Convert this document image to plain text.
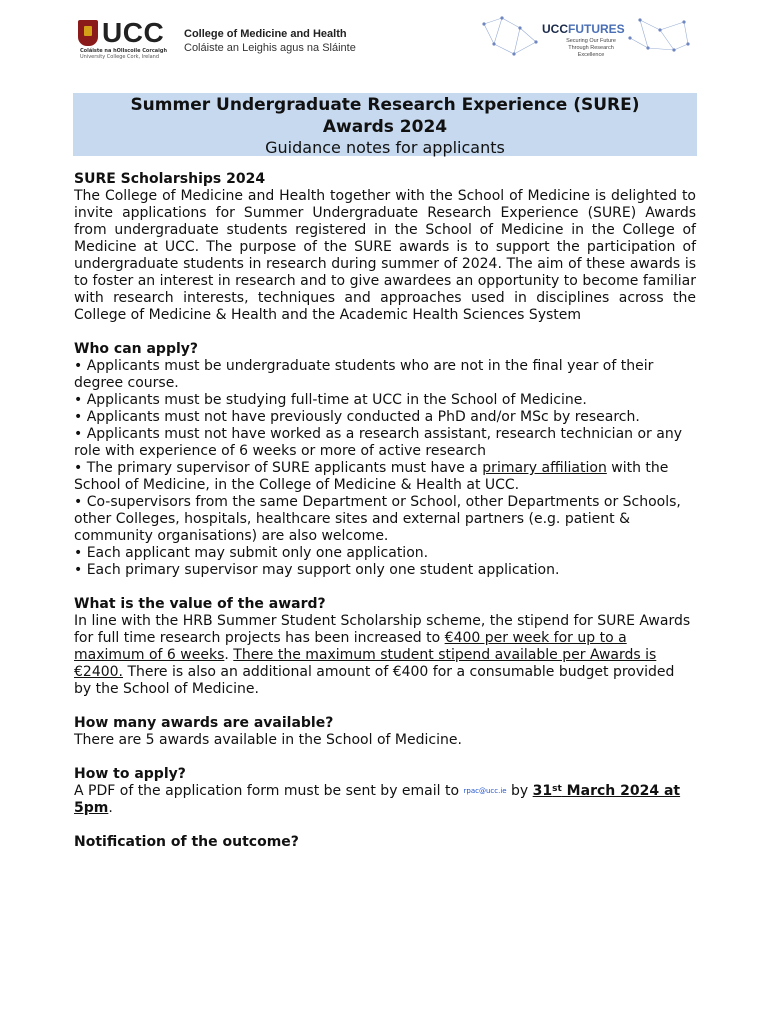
UCC
Coláiste na hOllscoile Corcaigh
University College Cork, Ireland
College of Medicine and Health
Coláiste an Leighis agus na Sláinte
UCCFUTURES
Securing Our Future Through Research Excellence
Summer Undergraduate Research Experience (SURE)
Awards 2024
Guidance notes for applicants

SURE Scholarships 2024

The College of Medicine and Health together with the School of Medicine is delighted to invite applications for Summer Undergraduate Research Experience (SURE) Awards from undergraduate students registered in the School of Medicine in the College of Medicine at UCC. The purpose of the SURE awards is to support the participation of undergraduate students in research during summer of 2024. The aim of these awards is to foster an interest in research and to give awardees an opportunity to become familiar with research interests, techniques and approaches used in disciplines across the College of Medicine & Health and the Academic Health Sciences System

Who can apply?

• Applicants must be undergraduate students who are not in the final year of their degree course.

• Applicants must be studying full-time at UCC in the School of Medicine.

• Applicants must not have previously conducted a PhD and/or MSc by research.

• Applicants must not have worked as a research assistant, research technician or any role with experience of 6 weeks or more of active research

• The primary supervisor of SURE applicants must have a primary affiliation with the School of Medicine, in the College of Medicine & Health at UCC.

• Co-supervisors from the same Department or School, other Departments or Schools, other Colleges, hospitals, healthcare sites and external partners (e.g. patient & community organisations) are also welcome.

• Each applicant may submit only one application.

• Each primary supervisor may support only one student application.

What is the value of the award?

In line with the HRB Summer Student Scholarship scheme, the stipend for SURE Awards for full time research projects has been increased to €400 per week for up to a maximum of 6 weeks. There the maximum student stipend available per Awards is €2400. There is also an additional amount of €400 for a consumable budget provided by the School of Medicine.

How many awards are available?

There are 5 awards available in the School of Medicine.

How to apply?

A PDF of the application form must be sent by email to rpac@ucc.ie by 31st March 2024 at 5pm.

Notification of the outcome?
